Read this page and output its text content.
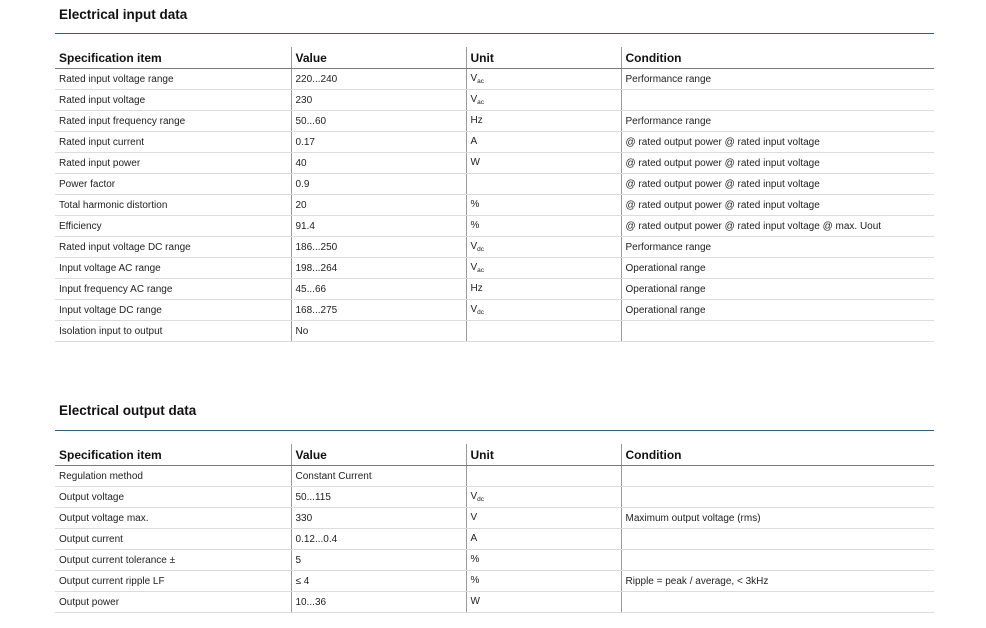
Electrical input data
Specification item	Value	Unit	Condition
Rated input voltage range	220...240	$V_{ac}$	Performance range
Rated input voltage	230	$V_{ac}$	
Rated input frequency range	50...60	Hz	Performance range
Rated input current	0.17	A	@ rated output power @ rated input voltage
Rated input power	40	W	@ rated output power @ rated input voltage
Power factor	0.9		@ rated output power @ rated input voltage
Total harmonic distortion	20	%	@ rated output power @ rated input voltage
Efficiency	91.4	%	@ rated output power @ rated input voltage @ max. Uout
Rated input voltage DC range	186...250	$V_{dc}$	Performance range
Input voltage AC range	198...264	$V_{ac}$	Operational range
Input frequency AC range	45...66	Hz	Operational range
Input voltage DC range	168...275	$V_{dc}$	Operational range
Isolation input to output	No		
Electrical output data
Specification item	Value	Unit	Condition
Regulation method	Constant Current		
Output voltage	50...115	$V_{dc}$	
Output voltage max.	330	V	Maximum output voltage (rms)
Output current	0.12...0.4	A	
Output current tolerance ±	5	%	
Output current ripple LF	≤ 4	%	Ripple = peak / average, < 3kHz
Output power	10...36	W	
